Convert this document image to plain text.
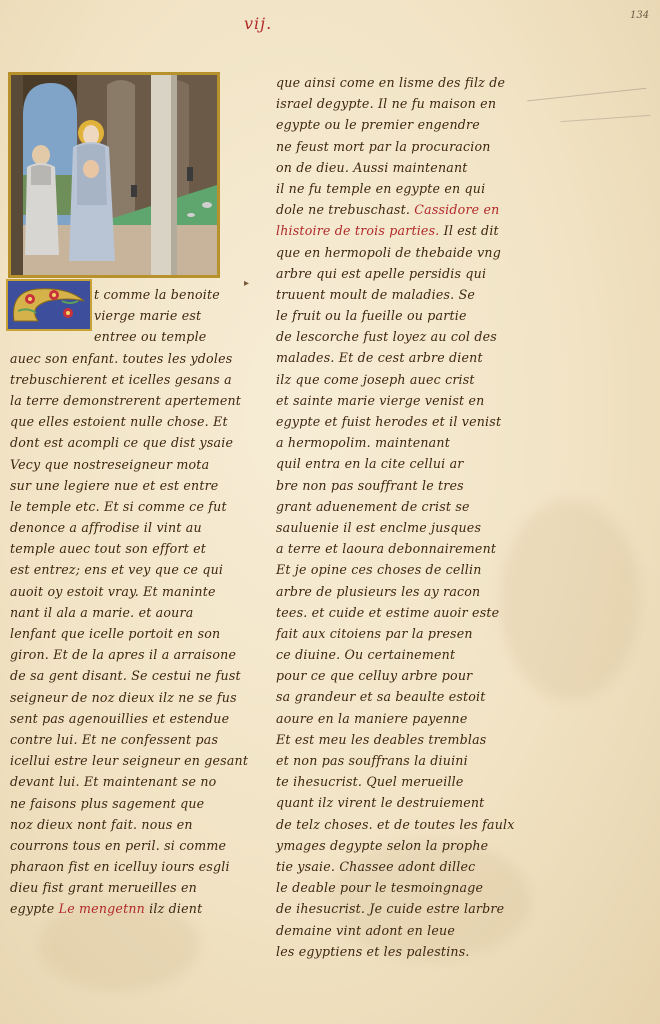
vij.	134
▸
t comme la benoite
vierge marie est
entree ou temple
auec son enfant. toutes les ydoles
trebuschierent et icelles gesans a
la terre demonstrerent apertement
que elles estoient nulle chose. Et
dont est acompli ce que dist ysaie
Vecy que nostreseigneur mota
sur une legiere nue et est entre
le temple etc. Et si comme ce fut
denonce a affrodise il vint au
temple auec tout son effort et
est entrez; ens et vey que ce qui
auoit oy estoit vray. Et maninte
nant il ala a marie. et aoura
lenfant que icelle portoit en son
giron. Et de la apres il a arraisone
de sa gent disant. Se cestui ne fust
seigneur de noz dieux ilz ne se fus
sent pas agenouillies et estendue
contre lui. Et ne confessent pas
icellui estre leur seigneur en gesant
devant lui. Et maintenant se no
ne faisons plus sagement que
noz dieux nont fait. nous en
courrons tous en peril. si comme
pharaon fist en icelluy iours esgli
dieu fist grant merueilles en
egypte Le mengetnn ilz dient
que ainsi come en lisme des filz de
israel degypte. Il ne fu maison en
egypte ou le premier engendre
ne feust mort par la procuracion
on de dieu. Aussi maintenant
il ne fu temple en egypte en qui
dole ne trebuschast. Cassidore en
lhistoire de trois parties. Il est dit
que en hermopoli de thebaide vng
arbre qui est apelle persidis qui
truuent moult de maladies. Se
le fruit ou la fueille ou partie
de lescorche fust loyez au col des
malades. Et de cest arbre dient
ilz que come joseph auec crist
et sainte marie vierge venist en
egypte et fuist herodes et il venist
a hermopolim. maintenant
quil entra en la cite cellui ar
bre non pas souffrant le tres
grant aduenement de crist se
sauluenie il est enclme jusques
a terre et laoura debonnairement
Et je opine ces choses de cellin
arbre de plusieurs les ay racon
tees. et cuide et estime auoir este
fait aux citoiens par la presen
ce diuine. Ou certainement
pour ce que celluy arbre pour
sa grandeur et sa beaulte estoit
aoure en la maniere payenne
Et est meu les deables tremblas
et non pas souffrans la diuini
te ihesucrist. Quel merueille
quant ilz virent le destruiement
de telz choses. et de toutes les faulx
ymages degypte selon la prophe
tie ysaie. Chassee adont dillec
le deable pour le tesmoingnage
de ihesucrist. Je cuide estre larbre
demaine vint adont en leue
les egyptiens et les palestins.
